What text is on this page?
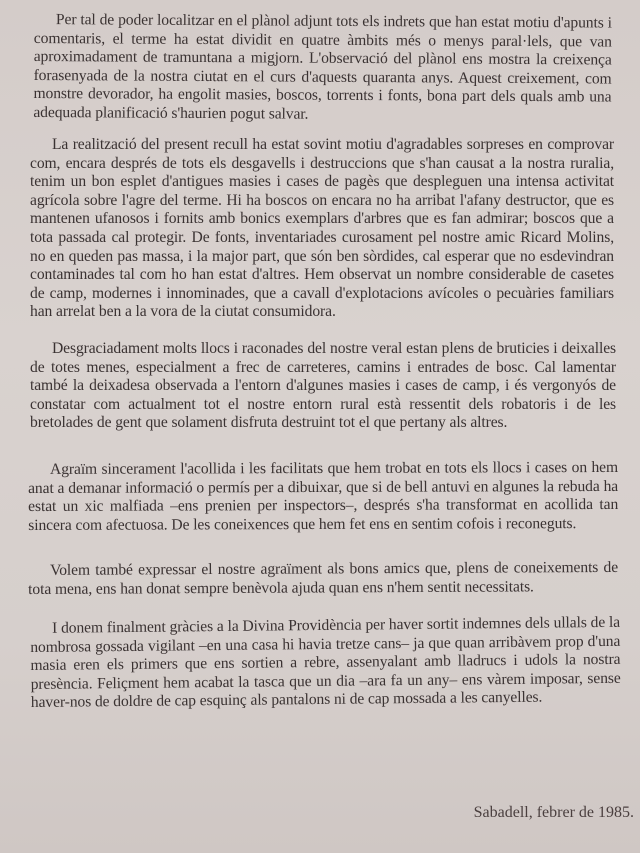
Per tal de poder localitzar en el plànol adjunt tots els indrets que han estat motiu d'apunts i comentaris, el terme ha estat dividit en quatre àmbits més o menys paral·lels, que van aproximadament de tramuntana a migjorn. L'observació del plànol ens mostra la creixença forasenyada de la nostra ciutat en el curs d'aquests quaranta anys. Aquest creixement, com monstre devorador, ha engolit masies, boscos, torrents i fonts, bona part dels quals amb una adequada planificació s'haurien pogut salvar.

La realització del present recull ha estat sovint motiu d'agradables sorpreses en comprovar com, encara després de tots els desgavells i destruccions que s'han causat a la nostra ruralia, tenim un bon esplet d'antigues masies i cases de pagès que despleguen una intensa activitat agrícola sobre l'agre del terme. Hi ha boscos on encara no ha arribat l'afany destructor, que es mantenen ufanosos i fornits amb bonics exemplars d'arbres que es fan admirar; boscos que a tota passada cal protegir. De fonts, inventariades curosament pel nostre amic Ricard Molins, no en queden pas massa, i la major part, que són ben sòrdides, cal esperar que no esdevindran contaminades tal com ho han estat d'altres. Hem observat un nombre considerable de casetes de camp, modernes i innominades, que a cavall d'explotacions avícoles o pecuàries familiars han arrelat ben a la vora de la ciutat consumidora.

Desgraciadament molts llocs i raconades del nostre veral estan plens de bruticies i deixalles de totes menes, especialment a frec de carreteres, camins i entrades de bosc. Cal lamentar també la deixadesa observada a l'entorn d'algunes masies i cases de camp, i és vergonyós de constatar com actualment tot el nostre entorn rural està ressentit dels robatoris i de les bretolades de gent que solament disfruta destruint tot el que pertany als altres.

Agraïm sincerament l'acollida i les facilitats que hem trobat en tots els llocs i cases on hem anat a demanar informació o permís per a dibuixar, que si de bell antuvi en algunes la rebuda ha estat un xic malfiada –ens prenien per inspectors–, després s'ha transformat en acollida tan sincera com afectuosa. De les coneixences que hem fet ens en sentim cofois i reconeguts.

Volem també expressar el nostre agraïment als bons amics que, plens de coneixements de tota mena, ens han donat sempre benèvola ajuda quan ens n'hem sentit necessitats.

I donem finalment gràcies a la Divina Providència per haver sortit indemnes dels ullals de la nombrosa gossada vigilant –en una casa hi havia tretze cans– ja que quan arribàvem prop d'una masia eren els primers que ens sortien a rebre, assenyalant amb lladrucs i udols la nostra presència. Feliçment hem acabat la tasca que un dia –ara fa un any– ens vàrem imposar, sense haver-nos de doldre de cap esquinç als pantalons ni de cap mossada a les canyelles.

Sabadell, febrer de 1985.
